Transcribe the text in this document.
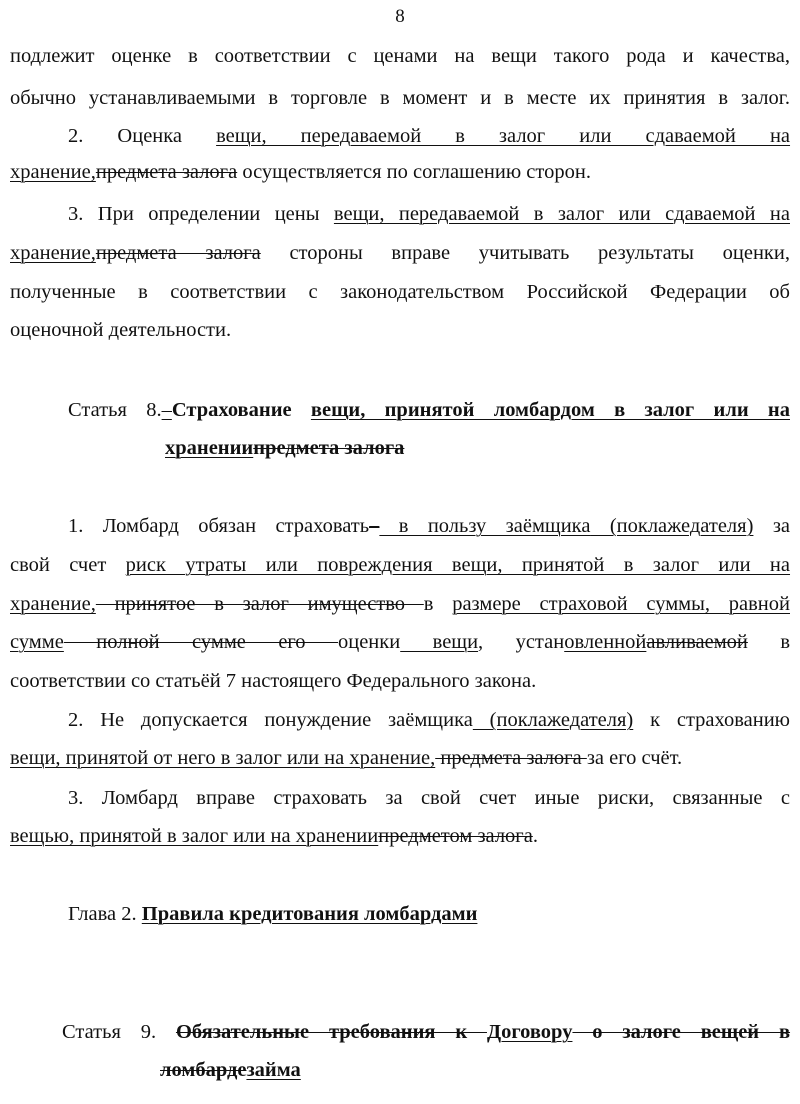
8
подлежит оценке в соответствии с ценами на вещи такого рода и качества,
обычно устанавливаемыми в торговле в момент и в месте их принятия в залог.
2. Оценка вещи, передаваемой в залог или сдаваемой на
хранение,предмета залога осуществляется по соглашению сторон.
3. При определении цены вещи, передаваемой в залог или сдаваемой на
хранение,предмета залога стороны вправе учитывать результаты оценки,
полученные в соответствии с законодательством Российской Федерации об
оценочной деятельности.
Статья 8.–Страхование вещи, принятой ломбардом в залог или на
хранениипредмета залога
1. Ломбард обязан страховать– в пользу заёмщика (поклажедателя) за
свой счет риск утраты или повреждения вещи, принятой в залог или на
хранение, принятое в залог имущество в размере страховой суммы, равной
сумме полной сумме его оценки вещи, установленнойавливаемой в
соответствии со статьёй 7 настоящего Федерального закона.
2. Не допускается понуждение заёмщика (поклажедателя) к страхованию
вещи, принятой от него в залог или на хранение, предмета залога за его счёт.
3. Ломбард вправе страховать за свой счет иные риски, связанные с
вещью, принятой в залог или на хранениипредметом залога.
Глава 2. Правила кредитования ломбардами
Статья 9. Обязательные требования к Договору о залоге вещей в
ломбардезайма
